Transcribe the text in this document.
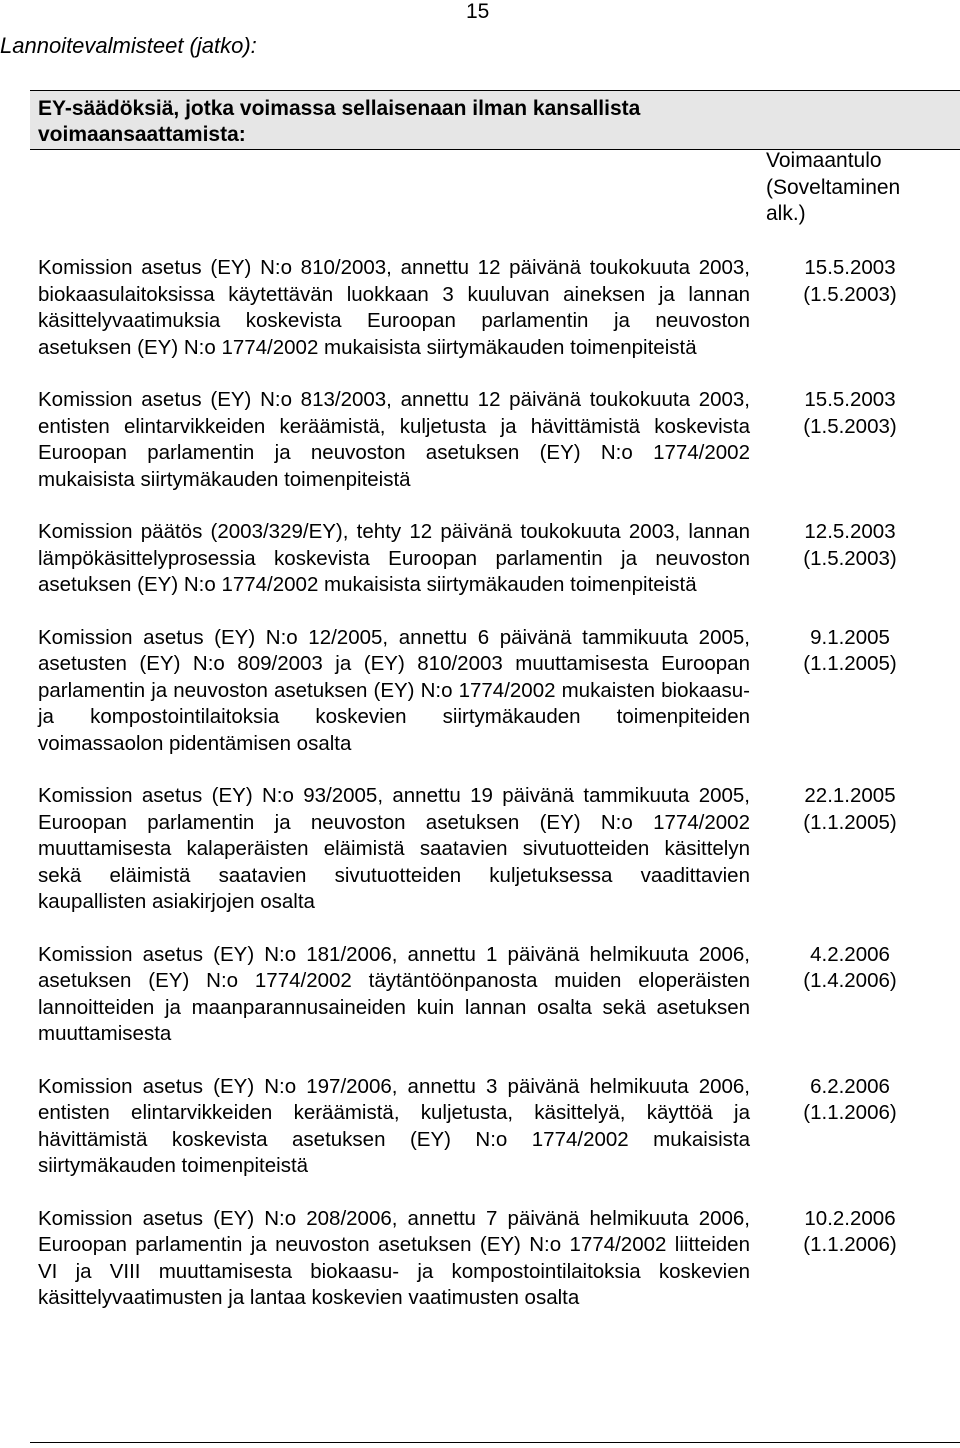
15
Lannoitevalmisteet (jatko):
EY-säädöksiä, jotka voimassa sellaisenaan ilman kansallista voimaansaattamista:
Voimaantulo
(Soveltaminen
alk.)
Komission asetus (EY) N:o 810/2003, annettu 12 päivänä toukokuuta 2003, biokaasulaitoksissa käytettävän luokkaan 3 kuuluvan aineksen ja lannan käsittelyvaatimuksia koskevista Euroopan parlamentin ja neuvoston asetuksen (EY) N:o 1774/2002 mukaisista siirtymäkauden toimenpiteistä
15.5.2003
(1.5.2003)
Komission asetus (EY) N:o 813/2003, annettu 12 päivänä toukokuuta 2003, entisten elintarvikkeiden keräämistä, kuljetusta ja hävittämistä koskevista Euroopan parlamentin ja neuvoston asetuksen (EY) N:o 1774/2002 mukaisista siirtymäkauden toimenpiteistä
15.5.2003
(1.5.2003)
Komission päätös (2003/329/EY), tehty 12 päivänä toukokuuta 2003, lannan lämpökäsittelyprosessia koskevista Euroopan parlamentin ja neuvoston asetuksen (EY) N:o 1774/2002 mukaisista siirtymäkauden toimenpiteistä
12.5.2003
(1.5.2003)
Komission asetus (EY) N:o 12/2005, annettu 6 päivänä tammikuuta 2005, asetusten (EY) N:o 809/2003 ja (EY) 810/2003 muuttamisesta Euroopan parlamentin ja neuvoston asetuksen (EY) N:o 1774/2002 mukaisten biokaasu- ja kompostointilaitoksia koskevien siirtymäkauden toimenpiteiden voimassaolon pidentämisen osalta
9.1.2005
(1.1.2005)
Komission asetus (EY) N:o 93/2005, annettu 19 päivänä tammikuuta 2005, Euroopan parlamentin ja neuvoston asetuksen (EY) N:o 1774/2002 muuttamisesta kalaperäisten eläimistä saatavien sivutuotteiden käsittelyn sekä eläimistä saatavien sivutuotteiden kuljetuksessa vaadittavien kaupallisten asiakirjojen osalta
22.1.2005
(1.1.2005)
Komission asetus (EY) N:o 181/2006, annettu 1 päivänä helmikuuta 2006, asetuksen (EY) N:o 1774/2002 täytäntöönpanosta muiden eloperäisten lannoitteiden ja maanparannusaineiden kuin lannan osalta sekä asetuksen muuttamisesta
4.2.2006
(1.4.2006)
Komission asetus (EY) N:o 197/2006, annettu 3 päivänä helmikuuta 2006, entisten elintarvikkeiden keräämistä, kuljetusta, käsittelyä, käyttöä ja hävittämistä koskevista asetuksen (EY) N:o 1774/2002 mukaisista siirtymäkauden toimenpiteistä
6.2.2006
(1.1.2006)
Komission asetus (EY) N:o 208/2006, annettu 7 päivänä helmikuuta 2006, Euroopan parlamentin ja neuvoston asetuksen (EY) N:o 1774/2002 liitteiden VI ja VIII muuttamisesta biokaasu- ja kompostointilaitoksia koskevien käsittelyvaatimusten ja lantaa koskevien vaatimusten osalta
10.2.2006
(1.1.2006)
